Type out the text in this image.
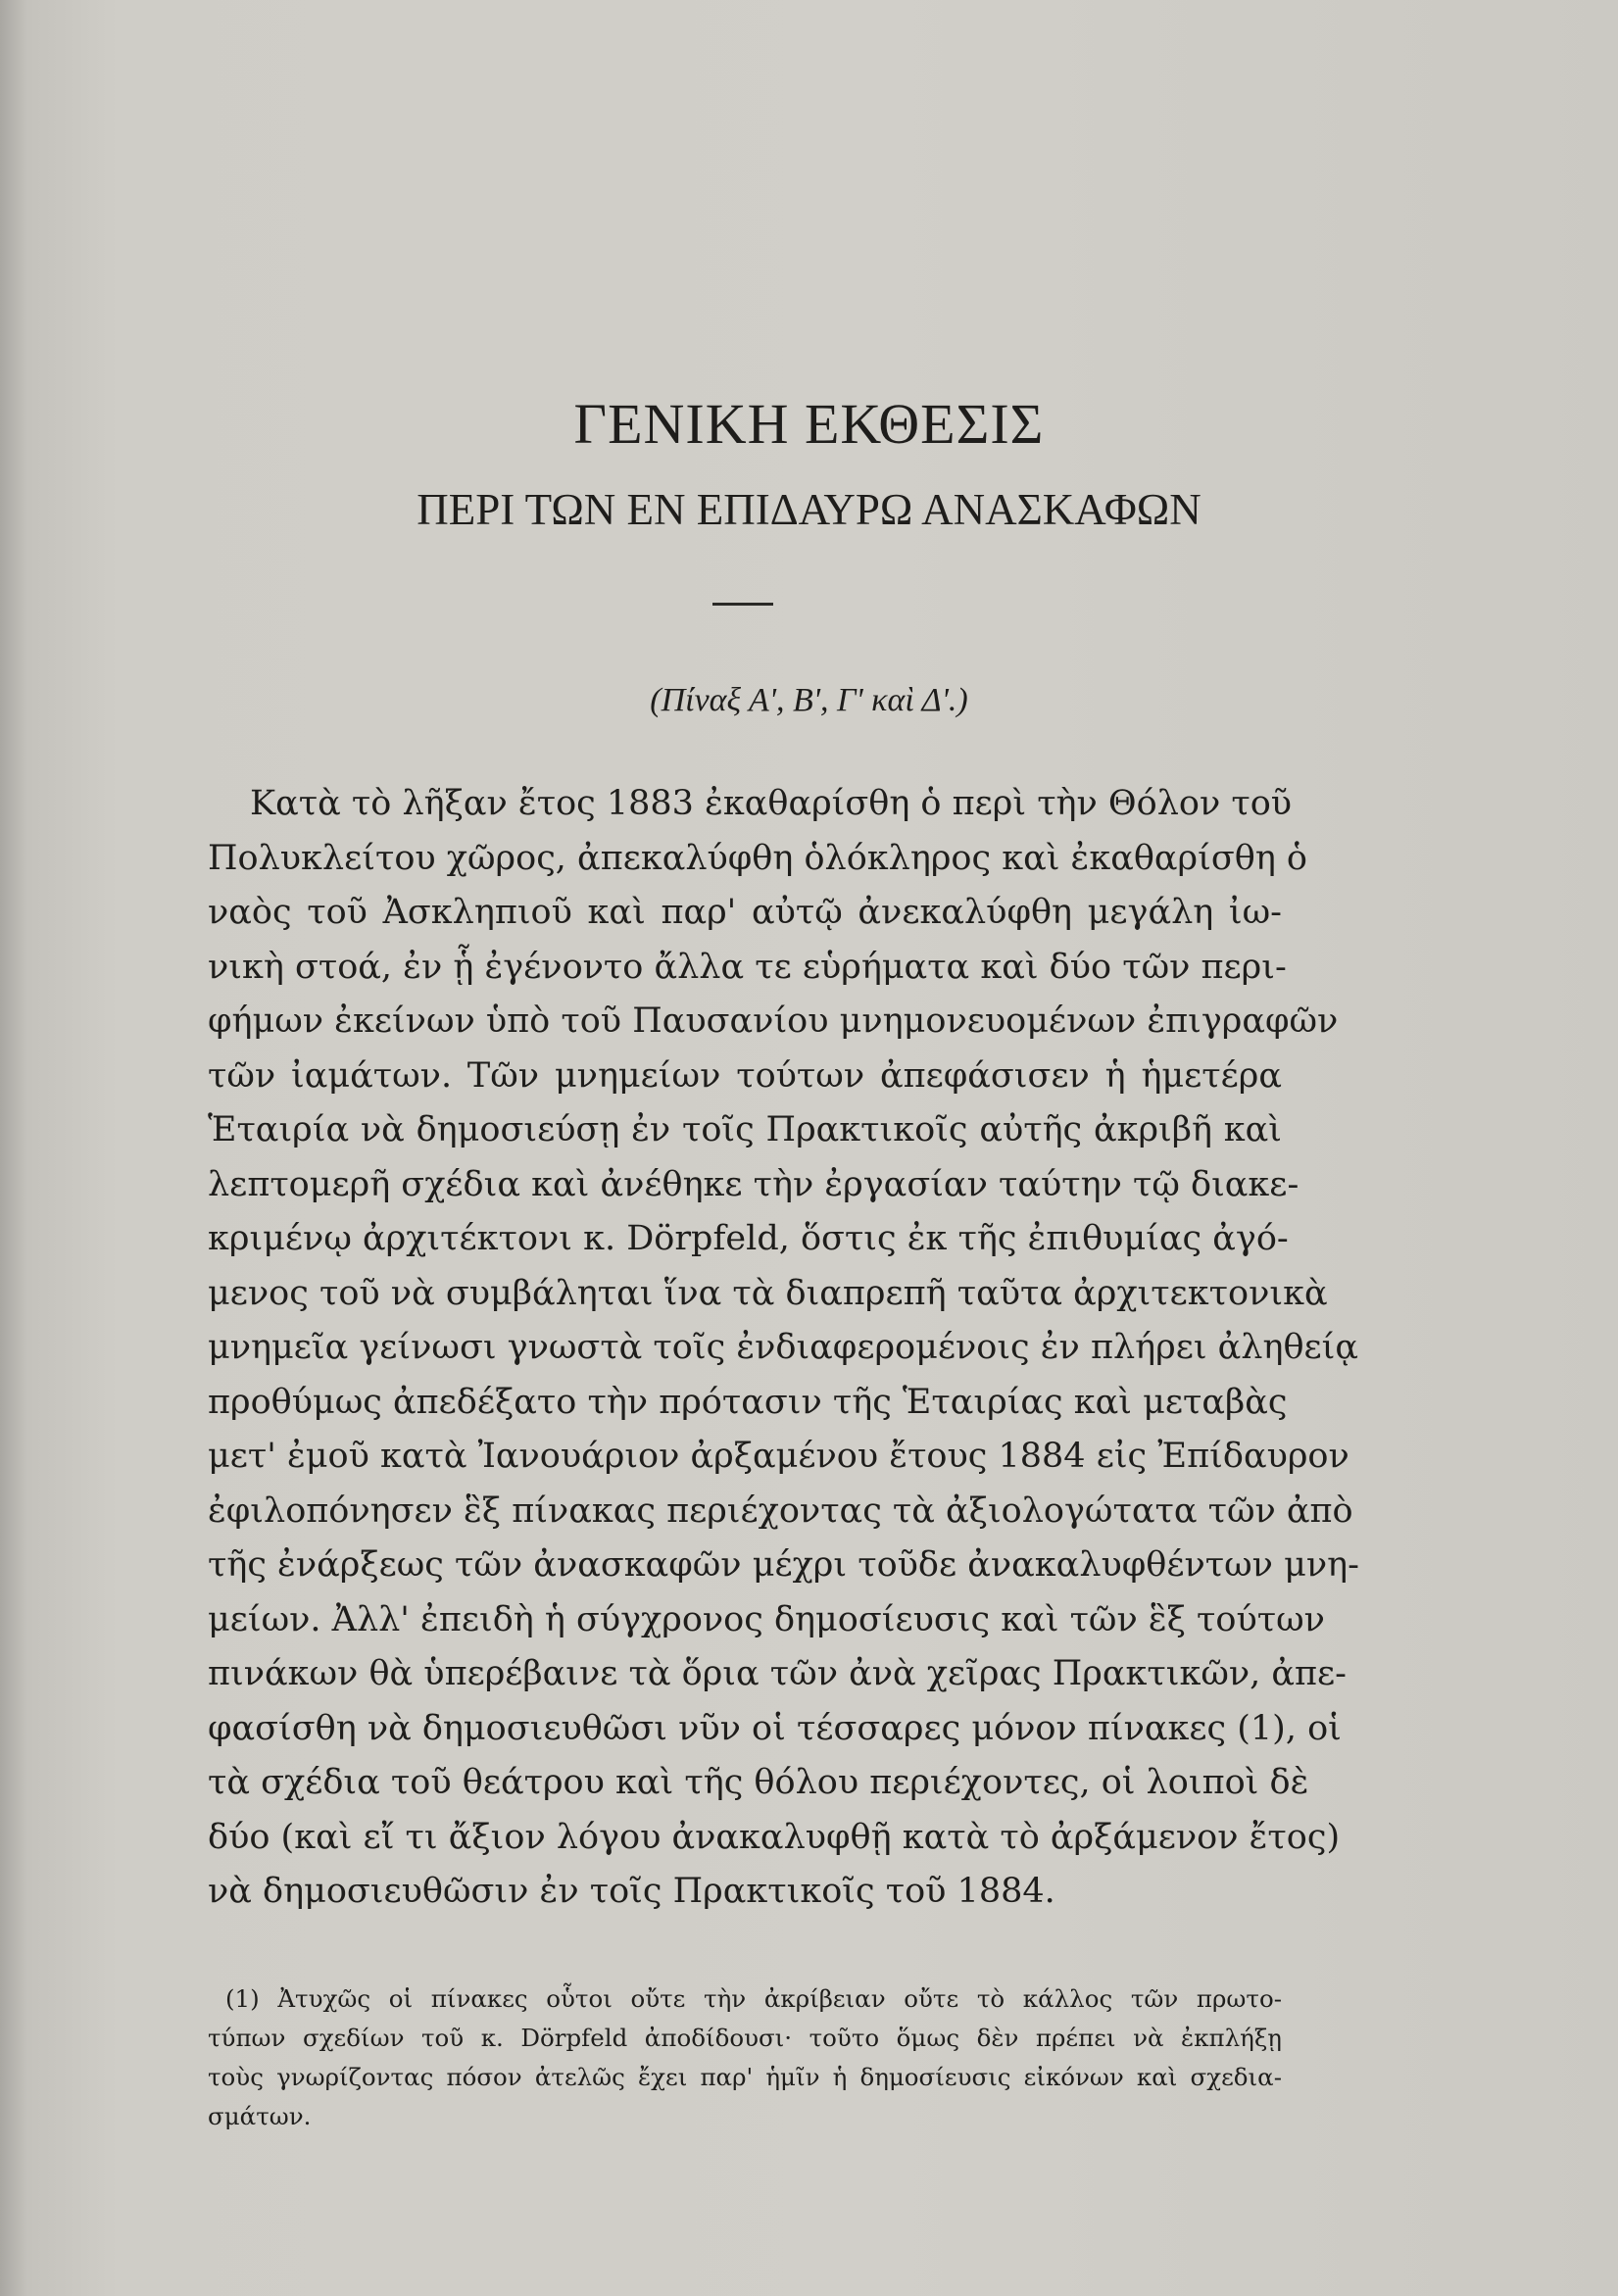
ΓΕΝΙΚΗ ΕΚΘΕΣΙΣ
ΠΕΡΙ ΤΩΝ ΕΝ ΕΠΙΔΑΥΡΩ ΑΝΑΣΚΑΦΩΝ

(Πίναξ Α', Β', Γ' καὶ Δ'.)

Κατὰ τὸ λῆξαν ἔτος 1883 ἐκαθαρίσθη ὁ περὶ τὴν Θόλον τοῦ
Πολυκλείτου χῶρος, ἀπεκαλύφθη ὁλόκληρος καὶ ἐκαθαρίσθη ὁ
ναὸς τοῦ Ἀσκληπιοῦ καὶ παρ' αὐτῷ ἀνεκαλύφθη μεγάλη ἰω-
νικὴ στοά, ἐν ᾗ ἐγένοντο ἄλλα τε εὑρήματα καὶ δύο τῶν περι-
φήμων ἐκείνων ὑπὸ τοῦ Παυσανίου μνημονευομένων ἐπιγραφῶν
τῶν ἰαμάτων. Τῶν μνημείων τούτων ἀπεφάσισεν ἡ ἡμετέρα
Ἑταιρία νὰ δημοσιεύσῃ ἐν τοῖς Πρακτικοῖς αὐτῆς ἀκριβῆ καὶ
λεπτομερῆ σχέδια καὶ ἀνέθηκε τὴν ἐργασίαν ταύτην τῷ διακε-
κριμένῳ ἀρχιτέκτονι κ. Dörpfeld, ὅστις ἐκ τῆς ἐπιθυμίας ἀγό-
μενος τοῦ νὰ συμβάληται ἵνα τὰ διαπρεπῆ ταῦτα ἀρχιτεκτονικὰ
μνημεῖα γείνωσι γνωστὰ τοῖς ἐνδιαφερομένοις ἐν πλήρει ἀληθείᾳ
προθύμως ἀπεδέξατο τὴν πρότασιν τῆς Ἑταιρίας καὶ μεταβὰς
μετ' ἐμοῦ κατὰ Ἰανουάριον ἀρξαμένου ἔτους 1884 εἰς Ἐπίδαυρον
ἐφιλοπόνησεν ἓξ πίνακας περιέχοντας τὰ ἀξιολογώτατα τῶν ἀπὸ
τῆς ἐνάρξεως τῶν ἀνασκαφῶν μέχρι τοῦδε ἀνακαλυφθέντων μνη-
μείων. Ἀλλ' ἐπειδὴ ἡ σύγχρονος δημοσίευσις καὶ τῶν ἓξ τούτων
πινάκων θὰ ὑπερέβαινε τὰ ὅρια τῶν ἀνὰ χεῖρας Πρακτικῶν, ἀπε-
φασίσθη νὰ δημοσιευθῶσι νῦν οἱ τέσσαρες μόνον πίνακες (1), οἱ
τὰ σχέδια τοῦ θεάτρου καὶ τῆς θόλου περιέχοντες, οἱ λοιποὶ δὲ
δύο (καὶ εἴ τι ἄξιον λόγου ἀνακαλυφθῇ κατὰ τὸ ἀρξάμενον ἔτος)
νὰ δημοσιευθῶσιν ἐν τοῖς Πρακτικοῖς τοῦ 1884.
(1) Ἀτυχῶς οἱ πίνακες οὗτοι οὔτε τὴν ἀκρίβειαν οὔτε τὸ κάλλος τῶν πρωτο-
τύπων σχεδίων τοῦ κ. Dörpfeld ἀποδίδουσι· τοῦτο ὅμως δὲν πρέπει νὰ ἐκπλήξῃ
τοὺς γνωρίζοντας πόσον ἀτελῶς ἔχει παρ' ἡμῖν ἡ δημοσίευσις εἰκόνων καὶ σχεδια-
σμάτων.
